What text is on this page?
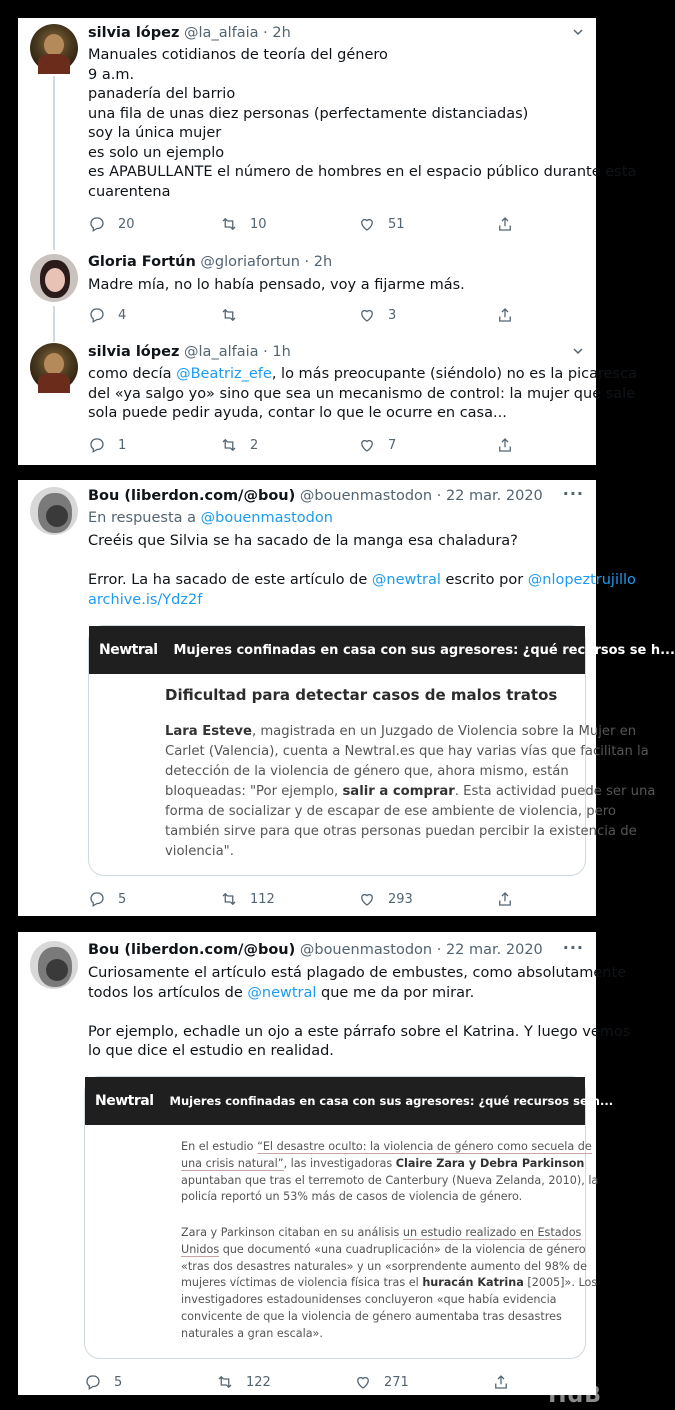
silvia lópez @la_alfaia · 2h
Manuales cotidianos de teoría del género
9 a.m.
panadería del barrio
una fila de unas diez personas (perfectamente distanciadas)
soy la única mujer
es solo un ejemplo
es APABULLANTE el número de hombres en el espacio público durante esta
cuarentena
20	10	51
Gloria Fortún @gloriafortun · 2h
Madre mía, no lo había pensado, voy a fijarme más.
4	3
silvia lópez @la_alfaia · 1h
como decía @Beatriz_efe, lo más preocupante (siéndolo) no es la picaresca
del «ya salgo yo» sino que sea un mecanismo de control: la mujer que sale
sola puede pedir ayuda, contar lo que le ocurre en casa...
1	2	7
Bou (liberdon.com/@bou) @bouenmastodon · 22 mar. 2020	···
En respuesta a @bouenmastodon
Creéis que Silvia se ha sacado de la manga esa chaladura?
Error. La ha sacado de este artículo de @newtral escrito por @nlopeztrujillo.
archive.is/Ydz2f
Newtral Mujeres confinadas en casa con sus agresores: ¿qué recursos se h...
Dificultad para detectar casos de malos tratos
Lara Esteve, magistrada en un Juzgado de Violencia sobre la Mujer en
Carlet (Valencia), cuenta a Newtral.es que hay varias vías que facilitan la
detección de la violencia de género que, ahora mismo, están
bloqueadas: "Por ejemplo, salir a comprar. Esta actividad puede ser una
forma de socializar y de escapar de ese ambiente de violencia, pero
también sirve para que otras personas puedan percibir la existencia de
violencia".
5	112	293
Bou (liberdon.com/@bou) @bouenmastodon · 22 mar. 2020	···
Curiosamente el artículo está plagado de embustes, como absolutamente
todos los artículos de @newtral que me da por mirar.
Por ejemplo, echadle un ojo a este párrafo sobre el Katrina. Y luego vemos
lo que dice el estudio en realidad.
Newtral Mujeres confinadas en casa con sus agresores: ¿qué recursos se h...
En el estudio “El desastre oculto: la violencia de género como secuela de
una crisis natural”, las investigadoras Claire Zara y Debra Parkinson
apuntaban que tras el terremoto de Canterbury (Nueva Zelanda, 2010), la
policía reportó un 53% más de casos de violencia de género.
Zara y Parkinson citaban en su análisis un estudio realizado en Estados
Unidos que documentó «una cuadruplicación» de la violencia de género
«tras dos desastres naturales» y un «sorprendente aumento del 98% de
mujeres víctimas de violencia física tras el huracán Katrina [2005]». Los
investigadores estadounidenses concluyeron «que había evidencia
convicente de que la violencia de género aumentaba tras desastres
naturales a gran escala».
5	122	271
HdB
